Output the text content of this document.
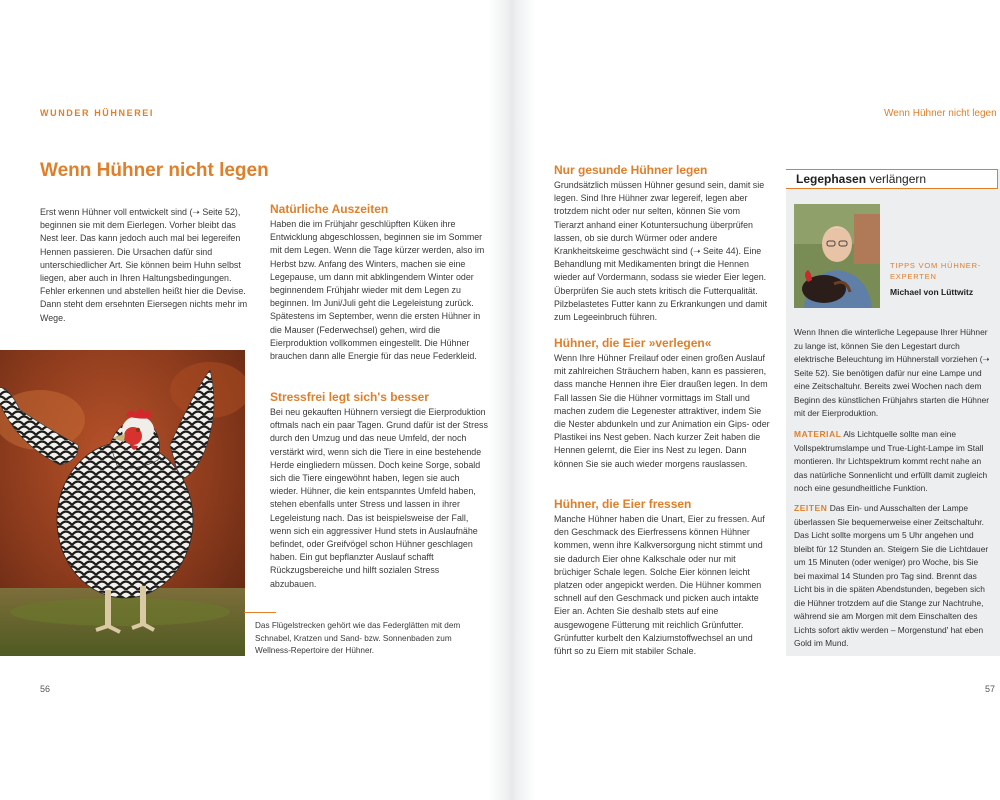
WUNDER HÜHNEREI
Wenn Hühner nicht legen
Erst wenn Hühner voll entwickelt sind (➝ Seite 52), beginnen sie mit dem Eierlegen. Vorher bleibt das Nest leer. Das kann jedoch auch mal bei legereifen Hennen passieren. Die Ursachen dafür sind unterschiedlicher Art. Sie können beim Huhn selbst liegen, aber auch in Ihren Haltungsbedingungen. Fehler erkennen und abstellen heißt hier die Devise. Dann steht dem ersehnten Eiersegen nichts mehr im Wege.
Natürliche Auszeiten
Haben die im Frühjahr geschlüpften Küken ihre Entwicklung abgeschlossen, beginnen sie im Sommer mit dem Legen. Wenn die Tage kürzer werden, also im Herbst bzw. Anfang des Winters, machen sie eine Legepause, um dann mit abklingendem Winter oder beginnendem Frühjahr wieder mit dem Legen zu beginnen. Im Juni/Juli geht die Legeleistung zurück. Spätestens im September, wenn die ersten Hühner in die Mauser (Federwechsel) gehen, wird die Eierproduktion vollkommen eingestellt. Die Hühner brauchen dann alle Energie für das neue Federkleid.
Stressfrei legt sich's besser
Bei neu gekauften Hühnern versiegt die Eierproduktion oftmals nach ein paar Tagen. Grund dafür ist der Stress durch den Umzug und das neue Umfeld, der noch verstärkt wird, wenn sich die Tiere in eine bestehende Herde eingliedern müssen. Doch keine Sorge, sobald sich die Tiere eingewöhnt haben, legen sie auch wieder. Hühner, die kein entspanntes Umfeld haben, stehen ebenfalls unter Stress und lassen in ihrer Legeleistung nach. Das ist beispielsweise der Fall, wenn sich ein aggressiver Hund stets in Auslaufnähe befindet, oder Greifvögel schon Hühner geschlagen haben. Ein gut bepflanzter Auslauf schafft Rückzugsbereiche und hilft sozialen Stress abzubauen.
Das Flügelstrecken gehört wie das Federglätten mit dem Schnabel, Kratzen und Sand- bzw. Sonnenbaden zum Wellness-Repertoire der Hühner.
56
Wenn Hühner nicht legen
Nur gesunde Hühner legen
Grundsätzlich müssen Hühner gesund sein, damit sie legen. Sind Ihre Hühner zwar legereif, legen aber trotzdem nicht oder nur selten, können Sie vom Tierarzt anhand einer Kotuntersuchung überprüfen lassen, ob sie durch Würmer oder andere Krankheitskeime geschwächt sind (➝ Seite 44). Eine Behandlung mit Medikamenten bringt die Hennen wieder auf Vordermann, sodass sie wieder Eier legen. Überprüfen Sie auch stets kritisch die Futterqualität. Pilzbelastetes Futter kann zu Erkrankungen und damit zum Legeeinbruch führen.
Hühner, die Eier »verlegen«
Wenn Ihre Hühner Freilauf oder einen großen Auslauf mit zahlreichen Sträuchern haben, kann es passieren, dass manche Hennen ihre Eier draußen legen. In dem Fall lassen Sie die Hühner vormittags im Stall und machen zudem die Legenester attraktiver, indem Sie die Nester abdunkeln und zur Animation ein Gips- oder Plastikei ins Nest geben. Nach kurzer Zeit haben die Hennen gelernt, die Eier ins Nest zu legen. Dann können Sie sie auch wieder morgens rauslassen.
Hühner, die Eier fressen
Manche Hühner haben die Unart, Eier zu fressen. Auf den Geschmack des Eierfressens können Hühner kommen, wenn ihre Kalkversorgung nicht stimmt und sie dadurch Eier ohne Kalkschale oder nur mit brüchiger Schale legen. Solche Eier können leicht platzen oder angepickt werden. Die Hühner kommen schnell auf den Geschmack und picken auch intakte Eier an. Achten Sie deshalb stets auf eine ausgewogene Fütterung mit reichlich Grünfutter. Grünfutter kurbelt den Kalziumstoffwechsel an und führt so zu Eiern mit stabiler Schale.
Legephasen verlängern
TIPPS VOM HÜHNER-EXPERTEN
Michael von Lüttwitz
Wenn Ihnen die winterliche Legepause Ihrer Hühner zu lange ist, können Sie den Legestart durch elektrische Beleuchtung im Hühnerstall vorziehen (➝ Seite 52). Sie benötigen dafür nur eine Lampe und eine Zeitschaltuhr. Bereits zwei Wochen nach dem Beginn des künstlichen Frühjahrs starten die Hühner mit der Eierproduktion.
MATERIAL Als Lichtquelle sollte man eine Vollspektrumslampe und True-Light-Lampe im Stall montieren. Ihr Lichtspektrum kommt recht nahe an das natürliche Sonnenlicht und erfüllt damit zugleich noch eine gesundheitliche Funktion.
ZEITEN Das Ein- und Ausschalten der Lampe überlassen Sie bequemerweise einer Zeitschaltuhr. Das Licht sollte morgens um 5 Uhr angehen und bleibt für 12 Stunden an. Steigern Sie die Lichtdauer um 15 Minuten (oder weniger) pro Woche, bis Sie bei maximal 14 Stunden pro Tag sind. Brennt das Licht bis in die späten Abendstunden, begeben sich die Hühner trotzdem auf die Stange zur Nachtruhe, während sie am Morgen mit dem Einschalten des Lichts sofort aktiv werden – Morgenstund' hat eben Gold im Mund.
57
